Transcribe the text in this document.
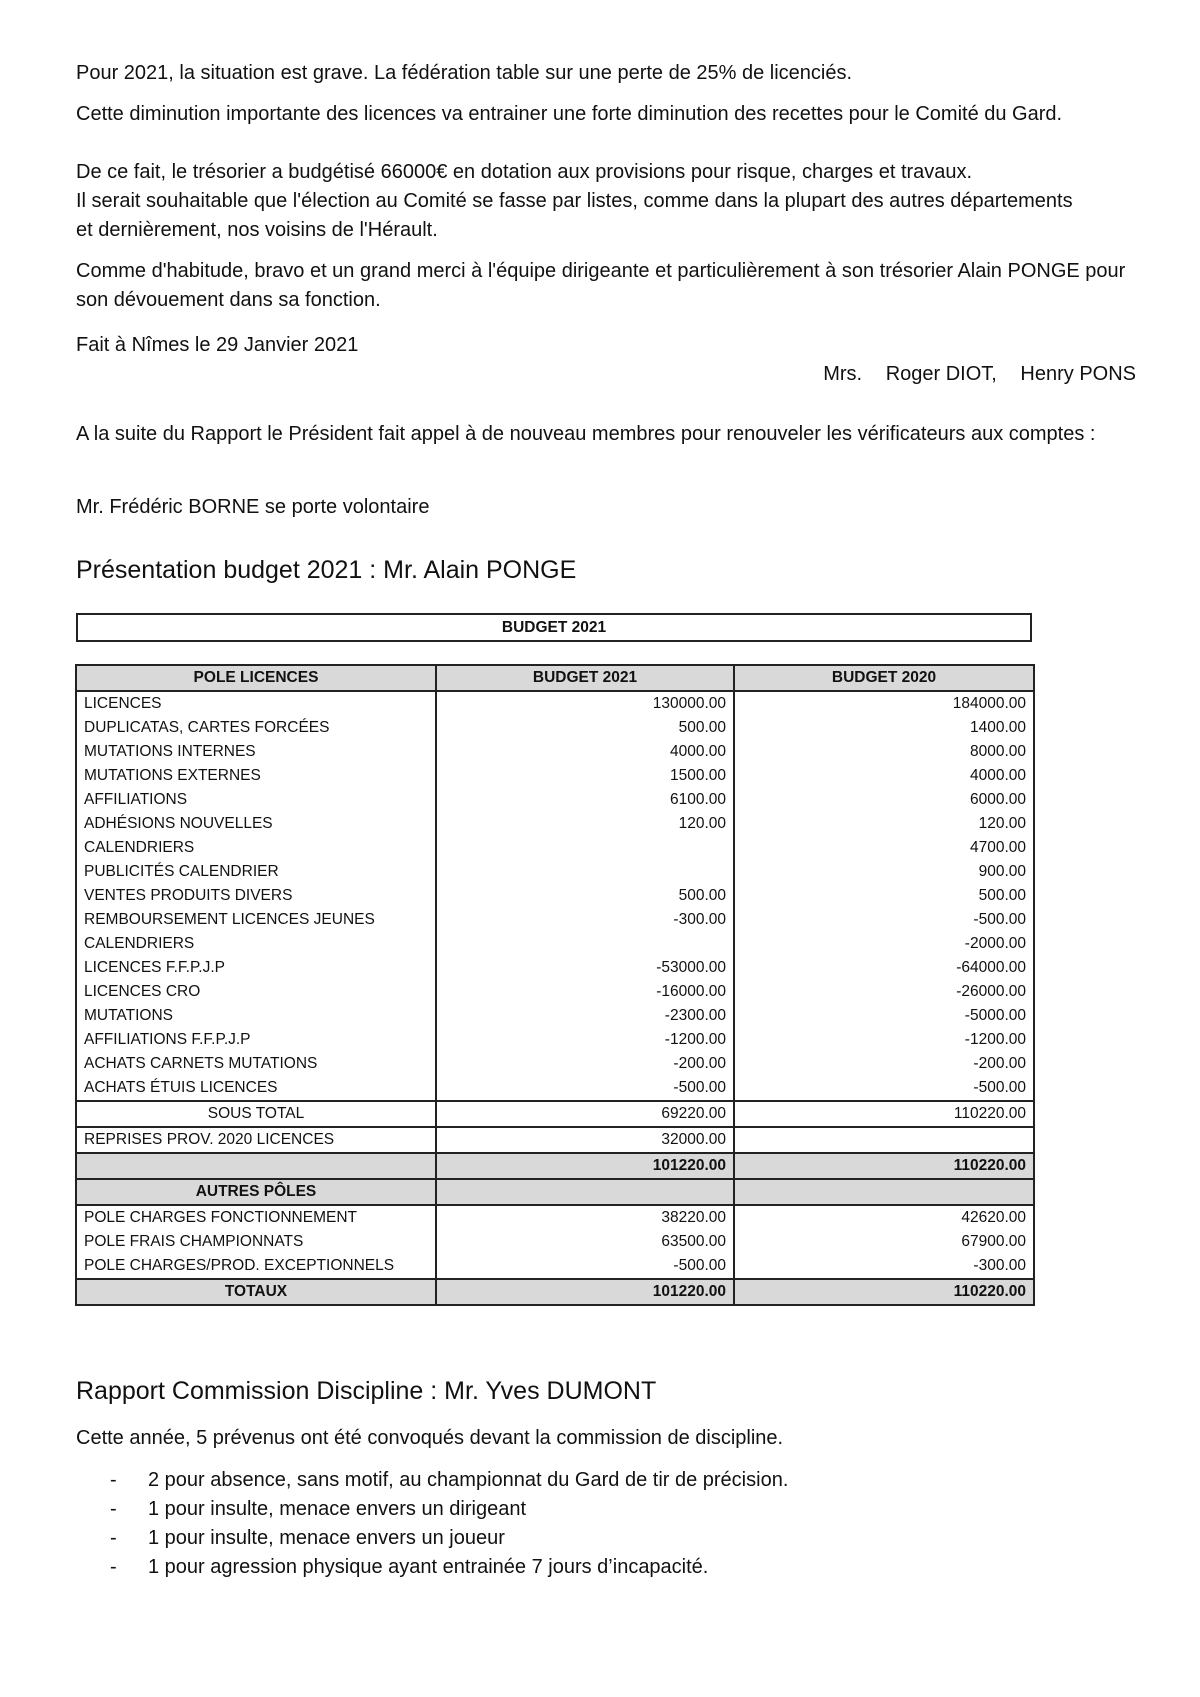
Pour 2021, la situation est grave. La fédération table sur une perte de 25% de licenciés.

Cette diminution importante des licences va entrainer une forte diminution des recettes pour le Comité du Gard.

De ce fait, le trésorier a budgétisé 66000€ en dotation aux provisions pour risque, charges et travaux.

Il serait souhaitable que l'élection au Comité se fasse par listes, comme dans la plupart des autres départements et dernièrement, nos voisins de l'Hérault.

Comme d'habitude, bravo et un grand merci à l'équipe dirigeante et particulièrement à son trésorier Alain PONGE pour son dévouement dans sa fonction.

Fait à Nîmes le 29 Janvier 2021

Mrs. Roger DIOT, Henry PONS

A la suite du Rapport le Président fait appel à de nouveau membres pour renouveler les vérificateurs aux comptes :

Mr. Frédéric BORNE se porte volontaire

Présentation budget 2021 : Mr. Alain PONGE
BUDGET 2021
POLE LICENCES	BUDGET 2021	BUDGET 2020
LICENCES	130000.00	184000.00
DUPLICATAS, CARTES FORCÉES	500.00	1400.00
MUTATIONS INTERNES	4000.00	8000.00
MUTATIONS EXTERNES	1500.00	4000.00
AFFILIATIONS	6100.00	6000.00
ADHÉSIONS NOUVELLES	120.00	120.00
CALENDRIERS		4700.00
PUBLICITÉS CALENDRIER		900.00
VENTES PRODUITS DIVERS	500.00	500.00
REMBOURSEMENT LICENCES JEUNES	-300.00	-500.00
CALENDRIERS		-2000.00
LICENCES F.F.P.J.P	-53000.00	-64000.00
LICENCES CRO	-16000.00	-26000.00
MUTATIONS	-2300.00	-5000.00
AFFILIATIONS F.F.P.J.P	-1200.00	-1200.00
ACHATS CARNETS MUTATIONS	-200.00	-200.00
ACHATS ÉTUIS LICENCES	-500.00	-500.00
SOUS TOTAL	69220.00	110220.00
REPRISES PROV. 2020 LICENCES	32000.00	
	101220.00	110220.00
AUTRES PÔLES		
POLE CHARGES FONCTIONNEMENT	38220.00	42620.00
POLE FRAIS CHAMPIONNATS	63500.00	67900.00
POLE CHARGES/PROD. EXCEPTIONNELS	-500.00	-300.00
TOTAUX	101220.00	110220.00
Rapport Commission Discipline : Mr. Yves DUMONT

Cette année, 5 prévenus ont été convoqués devant la commission de discipline.

- 2 pour absence, sans motif, au championnat du Gard de tir de précision.
- 1 pour insulte, menace envers un dirigeant
- 1 pour insulte, menace envers un joueur
- 1 pour agression physique ayant entrainée 7 jours d’incapacité.
